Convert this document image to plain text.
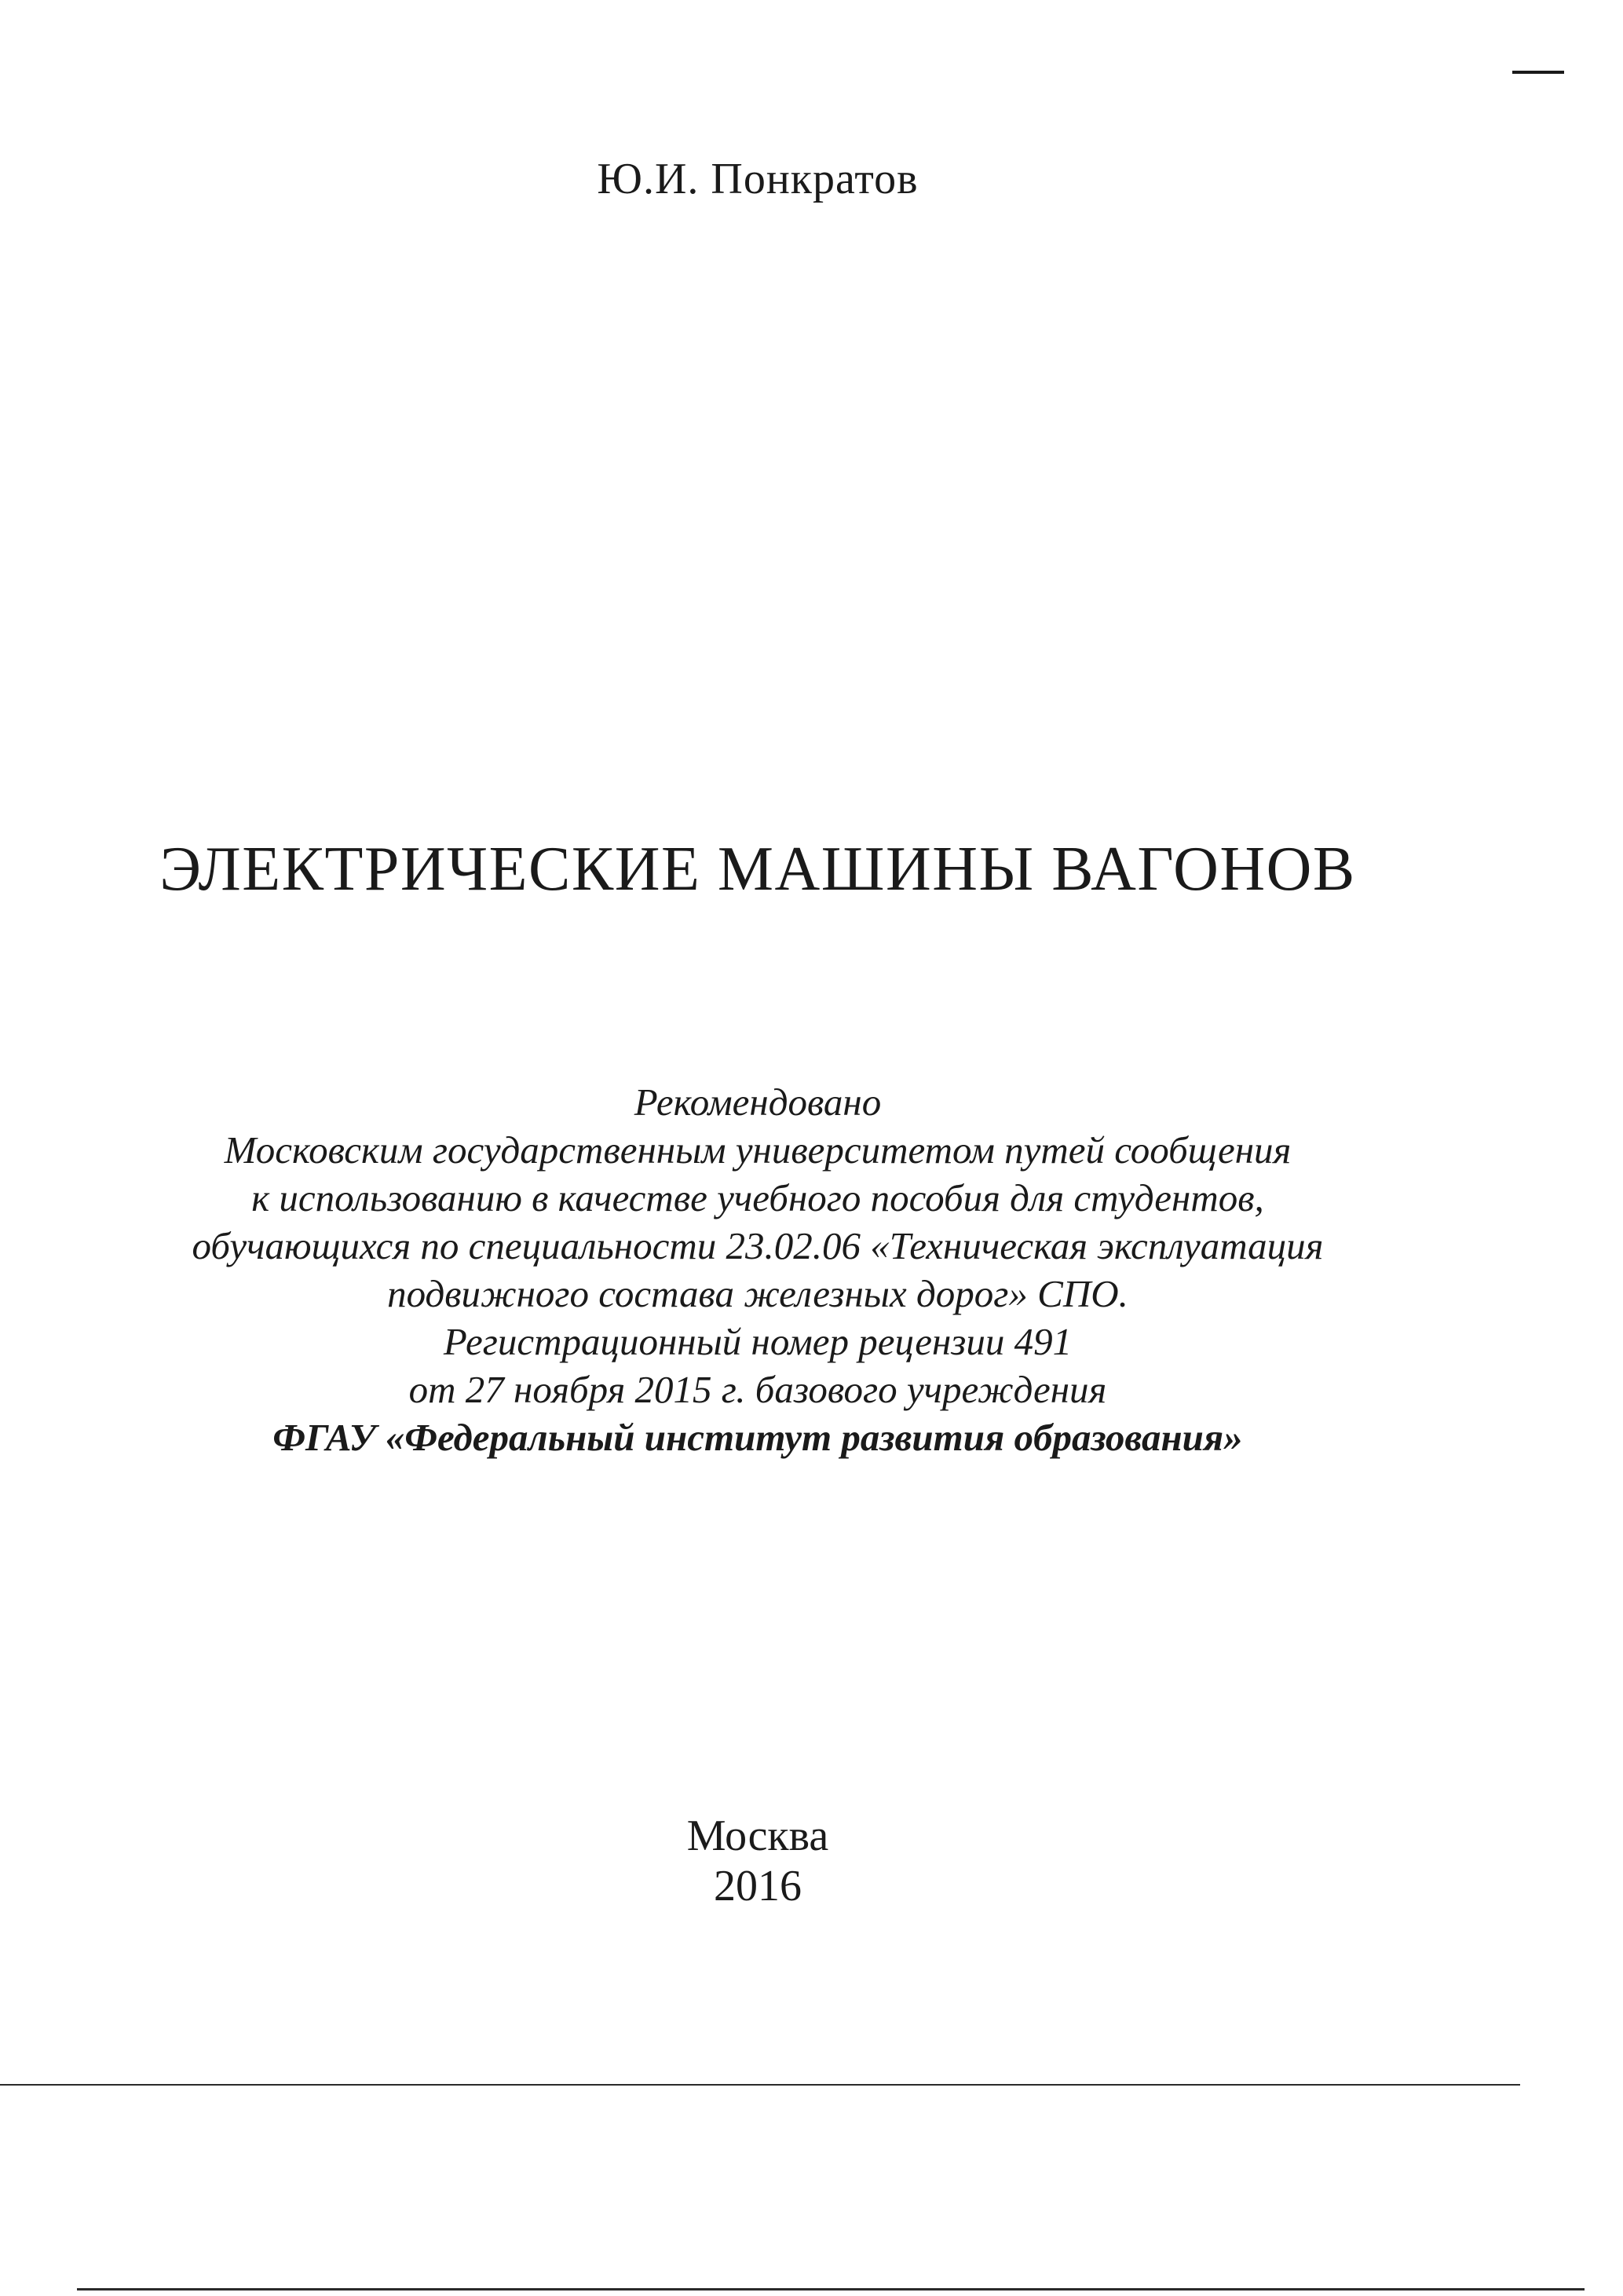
Ю.И. Понкратов
ЭЛЕКТРИЧЕСКИЕ МАШИНЫ ВАГОНОВ
Рекомендовано
Московским государственным университетом путей сообщения
к использованию в качестве учебного пособия для студентов,
обучающихся по специальности 23.02.06 «Техническая эксплуатация
подвижного состава железных дорог» СПО.
Регистрационный номер рецензии 491
от 27 ноября 2015 г. базового учреждения
ФГАУ «Федеральный институт развития образования»
Москва
2016
